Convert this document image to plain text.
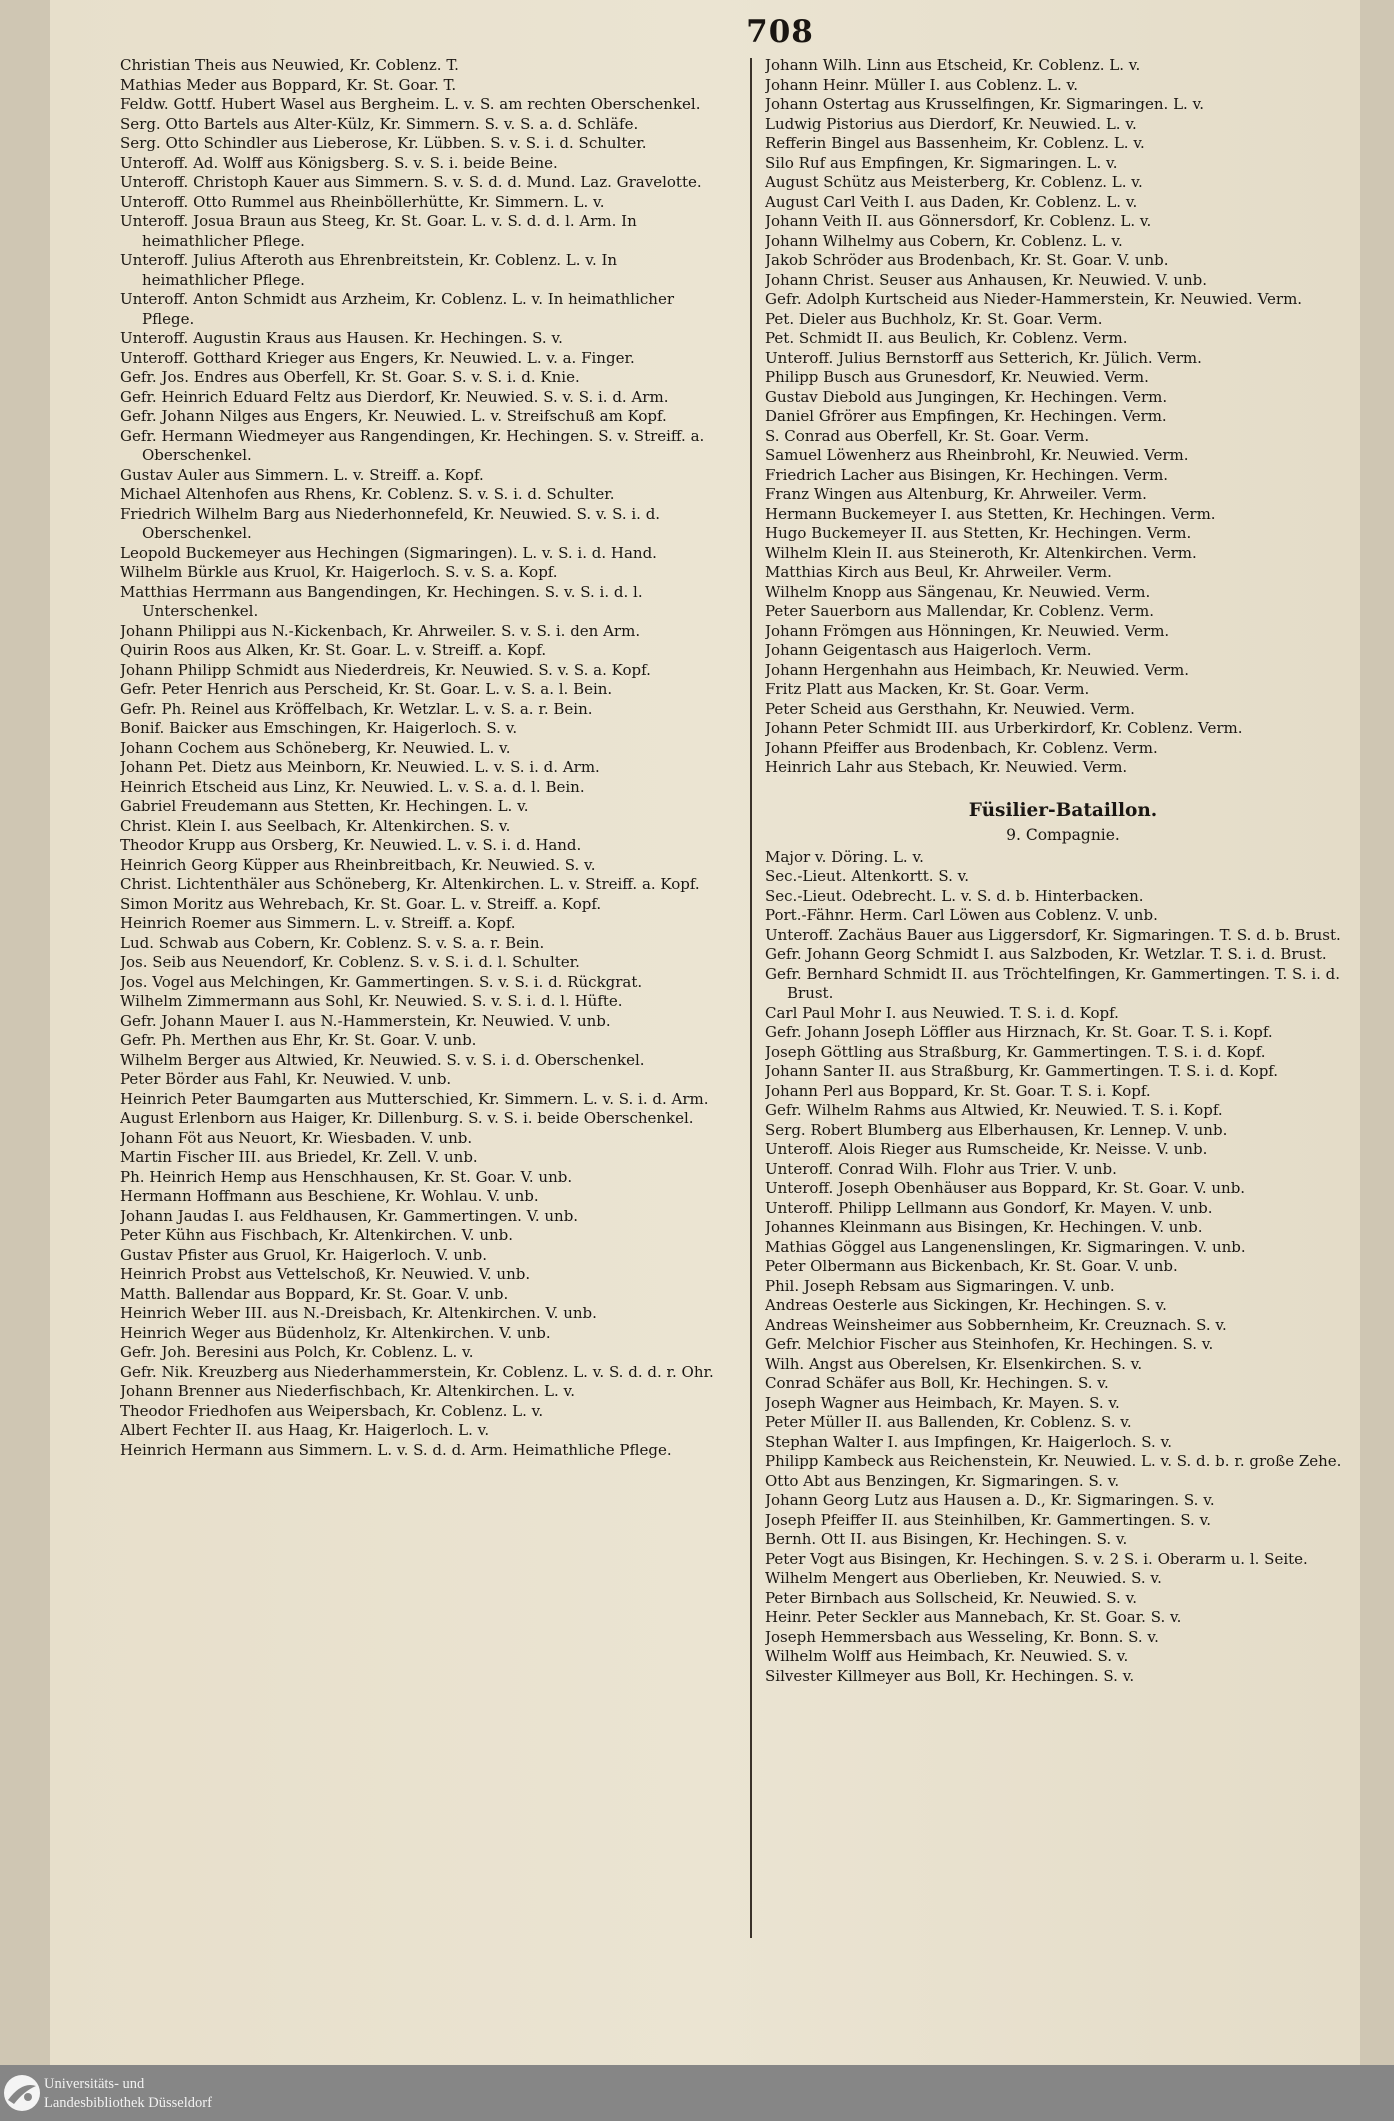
708
Christian Theis aus Neuwied, Kr. Coblenz. T.
Mathias Meder aus Boppard, Kr. St. Goar. T.
Feldw. Gottf. Hubert Wasel aus Bergheim. L. v. S. am rechten Oberschenkel.
Serg. Otto Bartels aus Alter-Külz, Kr. Simmern. S. v. S. a. d. Schläfe.
Serg. Otto Schindler aus Lieberose, Kr. Lübben. S. v. S. i. d. Schulter.
Unteroff. Ad. Wolff aus Königsberg. S. v. S. i. beide Beine.
Unteroff. Christoph Kauer aus Simmern. S. v. S. d. d. Mund. Laz. Gravelotte.
Unteroff. Otto Rummel aus Rheinböllerhütte, Kr. Simmern. L. v.
Unteroff. Josua Braun aus Steeg, Kr. St. Goar. L. v. S. d. d. l. Arm. In heimathlicher Pflege.
Unteroff. Julius Afteroth aus Ehrenbreitstein, Kr. Coblenz. L. v. In heimathlicher Pflege.
Unteroff. Anton Schmidt aus Arzheim, Kr. Coblenz. L. v. In heimathlicher Pflege.
Unteroff. Augustin Kraus aus Hausen. Kr. Hechingen. S. v.
Unteroff. Gotthard Krieger aus Engers, Kr. Neuwied. L. v. a. Finger.
Gefr. Jos. Endres aus Oberfell, Kr. St. Goar. S. v. S. i. d. Knie.
Gefr. Heinrich Eduard Feltz aus Dierdorf, Kr. Neuwied. S. v. S. i. d. Arm.
Gefr. Johann Nilges aus Engers, Kr. Neuwied. L. v. Streifschuß am Kopf.
Gefr. Hermann Wiedmeyer aus Rangendingen, Kr. Hechingen. S. v. Streiff. a. Oberschenkel.
Gustav Auler aus Simmern. L. v. Streiff. a. Kopf.
Michael Altenhofen aus Rhens, Kr. Coblenz. S. v. S. i. d. Schulter.
Friedrich Wilhelm Barg aus Niederhonnefeld, Kr. Neuwied. S. v. S. i. d. Oberschenkel.
Leopold Buckemeyer aus Hechingen (Sigmaringen). L. v. S. i. d. Hand.
Wilhelm Bürkle aus Kruol, Kr. Haigerloch. S. v. S. a. Kopf.
Matthias Herrmann aus Bangendingen, Kr. Hechingen. S. v. S. i. d. l. Unterschenkel.
Johann Philippi aus N.-Kickenbach, Kr. Ahrweiler. S. v. S. i. den Arm.
Quirin Roos aus Alken, Kr. St. Goar. L. v. Streiff. a. Kopf.
Johann Philipp Schmidt aus Niederdreis, Kr. Neuwied. S. v. S. a. Kopf.
Gefr. Peter Henrich aus Perscheid, Kr. St. Goar. L. v. S. a. l. Bein.
Gefr. Ph. Reinel aus Kröffelbach, Kr. Wetzlar. L. v. S. a. r. Bein.
Bonif. Baicker aus Emschingen, Kr. Haigerloch. S. v.
Johann Cochem aus Schöneberg, Kr. Neuwied. L. v.
Johann Pet. Dietz aus Meinborn, Kr. Neuwied. L. v. S. i. d. Arm.
Heinrich Etscheid aus Linz, Kr. Neuwied. L. v. S. a. d. l. Bein.
Gabriel Freudemann aus Stetten, Kr. Hechingen. L. v.
Christ. Klein I. aus Seelbach, Kr. Altenkirchen. S. v.
Theodor Krupp aus Orsberg, Kr. Neuwied. L. v. S. i. d. Hand.
Heinrich Georg Küpper aus Rheinbreitbach, Kr. Neuwied. S. v.
Christ. Lichtenthäler aus Schöneberg, Kr. Altenkirchen. L. v. Streiff. a. Kopf.
Simon Moritz aus Wehrebach, Kr. St. Goar. L. v. Streiff. a. Kopf.
Heinrich Roemer aus Simmern. L. v. Streiff. a. Kopf.
Lud. Schwab aus Cobern, Kr. Coblenz. S. v. S. a. r. Bein.
Jos. Seib aus Neuendorf, Kr. Coblenz. S. v. S. i. d. l. Schulter.
Jos. Vogel aus Melchingen, Kr. Gammertingen. S. v. S. i. d. Rückgrat.
Wilhelm Zimmermann aus Sohl, Kr. Neuwied. S. v. S. i. d. l. Hüfte.
Gefr. Johann Mauer I. aus N.-Hammerstein, Kr. Neuwied. V. unb.
Gefr. Ph. Merthen aus Ehr, Kr. St. Goar. V. unb.
Wilhelm Berger aus Altwied, Kr. Neuwied. S. v. S. i. d. Oberschenkel.
Peter Börder aus Fahl, Kr. Neuwied. V. unb.
Heinrich Peter Baumgarten aus Mutterschied, Kr. Simmern. L. v. S. i. d. Arm.
August Erlenborn aus Haiger, Kr. Dillenburg. S. v. S. i. beide Oberschenkel.
Johann Föt aus Neuort, Kr. Wiesbaden. V. unb.
Martin Fischer III. aus Briedel, Kr. Zell. V. unb.
Ph. Heinrich Hemp aus Henschhausen, Kr. St. Goar. V. unb.
Hermann Hoffmann aus Beschiene, Kr. Wohlau. V. unb.
Johann Jaudas I. aus Feldhausen, Kr. Gammertingen. V. unb.
Peter Kühn aus Fischbach, Kr. Altenkirchen. V. unb.
Gustav Pfister aus Gruol, Kr. Haigerloch. V. unb.
Heinrich Probst aus Vettelschoß, Kr. Neuwied. V. unb.
Matth. Ballendar aus Boppard, Kr. St. Goar. V. unb.
Heinrich Weber III. aus N.-Dreisbach, Kr. Altenkirchen. V. unb.
Heinrich Weger aus Büdenholz, Kr. Altenkirchen. V. unb.
Gefr. Joh. Beresini aus Polch, Kr. Coblenz. L. v.
Gefr. Nik. Kreuzberg aus Niederhammerstein, Kr. Coblenz. L. v. S. d. d. r. Ohr.
Johann Brenner aus Niederfischbach, Kr. Altenkirchen. L. v.
Theodor Friedhofen aus Weipersbach, Kr. Coblenz. L. v.
Albert Fechter II. aus Haag, Kr. Haigerloch. L. v.
Heinrich Hermann aus Simmern. L. v. S. d. d. Arm. Heimathliche Pflege.
Johann Wilh. Linn aus Etscheid, Kr. Coblenz. L. v.
Johann Heinr. Müller I. aus Coblenz. L. v.
Johann Ostertag aus Krusselfingen, Kr. Sigmaringen. L. v.
Ludwig Pistorius aus Dierdorf, Kr. Neuwied. L. v.
Refferin Bingel aus Bassenheim, Kr. Coblenz. L. v.
Silo Ruf aus Empfingen, Kr. Sigmaringen. L. v.
August Schütz aus Meisterberg, Kr. Coblenz. L. v.
August Carl Veith I. aus Daden, Kr. Coblenz. L. v.
Johann Veith II. aus Gönnersdorf, Kr. Coblenz. L. v.
Johann Wilhelmy aus Cobern, Kr. Coblenz. L. v.
Jakob Schröder aus Brodenbach, Kr. St. Goar. V. unb.
Johann Christ. Seuser aus Anhausen, Kr. Neuwied. V. unb.
Gefr. Adolph Kurtscheid aus Nieder-Hammerstein, Kr. Neuwied. Verm.
Pet. Dieler aus Buchholz, Kr. St. Goar. Verm.
Pet. Schmidt II. aus Beulich, Kr. Coblenz. Verm.
Unteroff. Julius Bernstorff aus Setterich, Kr. Jülich. Verm.
Philipp Busch aus Grunesdorf, Kr. Neuwied. Verm.
Gustav Diebold aus Jungingen, Kr. Hechingen. Verm.
Daniel Gfrörer aus Empfingen, Kr. Hechingen. Verm.
S. Conrad aus Oberfell, Kr. St. Goar. Verm.
Samuel Löwenherz aus Rheinbrohl, Kr. Neuwied. Verm.
Friedrich Lacher aus Bisingen, Kr. Hechingen. Verm.
Franz Wingen aus Altenburg, Kr. Ahrweiler. Verm.
Hermann Buckemeyer I. aus Stetten, Kr. Hechingen. Verm.
Hugo Buckemeyer II. aus Stetten, Kr. Hechingen. Verm.
Wilhelm Klein II. aus Steineroth, Kr. Altenkirchen. Verm.
Matthias Kirch aus Beul, Kr. Ahrweiler. Verm.
Wilhelm Knopp aus Sängenau, Kr. Neuwied. Verm.
Peter Sauerborn aus Mallendar, Kr. Coblenz. Verm.
Johann Frömgen aus Hönningen, Kr. Neuwied. Verm.
Johann Geigentasch aus Haigerloch. Verm.
Johann Hergenhahn aus Heimbach, Kr. Neuwied. Verm.
Fritz Platt aus Macken, Kr. St. Goar. Verm.
Peter Scheid aus Gersthahn, Kr. Neuwied. Verm.
Johann Peter Schmidt III. aus Urberkirdorf, Kr. Coblenz. Verm.
Johann Pfeiffer aus Brodenbach, Kr. Coblenz. Verm.
Heinrich Lahr aus Stebach, Kr. Neuwied. Verm.
Füsilier-Bataillon.
9. Compagnie.
Major v. Döring. L. v.
Sec.-Lieut. Altenkortt. S. v.
Sec.-Lieut. Odebrecht. L. v. S. d. b. Hinterbacken.
Port.-Fähnr. Herm. Carl Löwen aus Coblenz. V. unb.
Unteroff. Zachäus Bauer aus Liggersdorf, Kr. Sigmaringen. T. S. d. b. Brust.
Gefr. Johann Georg Schmidt I. aus Salzboden, Kr. Wetzlar. T. S. i. d. Brust.
Gefr. Bernhard Schmidt II. aus Tröchtelfingen, Kr. Gammertingen. T. S. i. d. Brust.
Carl Paul Mohr I. aus Neuwied. T. S. i. d. Kopf.
Gefr. Johann Joseph Löffler aus Hirznach, Kr. St. Goar. T. S. i. Kopf.
Joseph Göttling aus Straßburg, Kr. Gammertingen. T. S. i. d. Kopf.
Johann Santer II. aus Straßburg, Kr. Gammertingen. T. S. i. d. Kopf.
Johann Perl aus Boppard, Kr. St. Goar. T. S. i. Kopf.
Gefr. Wilhelm Rahms aus Altwied, Kr. Neuwied. T. S. i. Kopf.
Serg. Robert Blumberg aus Elberhausen, Kr. Lennep. V. unb.
Unteroff. Alois Rieger aus Rumscheide, Kr. Neisse. V. unb.
Unteroff. Conrad Wilh. Flohr aus Trier. V. unb.
Unteroff. Joseph Obenhäuser aus Boppard, Kr. St. Goar. V. unb.
Unteroff. Philipp Lellmann aus Gondorf, Kr. Mayen. V. unb.
Johannes Kleinmann aus Bisingen, Kr. Hechingen. V. unb.
Mathias Göggel aus Langenenslingen, Kr. Sigmaringen. V. unb.
Peter Olbermann aus Bickenbach, Kr. St. Goar. V. unb.
Phil. Joseph Rebsam aus Sigmaringen. V. unb.
Andreas Oesterle aus Sickingen, Kr. Hechingen. S. v.
Andreas Weinsheimer aus Sobbernheim, Kr. Creuznach. S. v.
Gefr. Melchior Fischer aus Steinhofen, Kr. Hechingen. S. v.
Wilh. Angst aus Oberelsen, Kr. Elsenkirchen. S. v.
Conrad Schäfer aus Boll, Kr. Hechingen. S. v.
Joseph Wagner aus Heimbach, Kr. Mayen. S. v.
Peter Müller II. aus Ballenden, Kr. Coblenz. S. v.
Stephan Walter I. aus Impfingen, Kr. Haigerloch. S. v.
Philipp Kambeck aus Reichenstein, Kr. Neuwied. L. v. S. d. b. r. große Zehe.
Otto Abt aus Benzingen, Kr. Sigmaringen. S. v.
Johann Georg Lutz aus Hausen a. D., Kr. Sigmaringen. S. v.
Joseph Pfeiffer II. aus Steinhilben, Kr. Gammertingen. S. v.
Bernh. Ott II. aus Bisingen, Kr. Hechingen. S. v.
Peter Vogt aus Bisingen, Kr. Hechingen. S. v. 2 S. i. Oberarm u. l. Seite.
Wilhelm Mengert aus Oberlieben, Kr. Neuwied. S. v.
Peter Birnbach aus Sollscheid, Kr. Neuwied. S. v.
Heinr. Peter Seckler aus Mannebach, Kr. St. Goar. S. v.
Joseph Hemmersbach aus Wesseling, Kr. Bonn. S. v.
Wilhelm Wolff aus Heimbach, Kr. Neuwied. S. v.
Silvester Killmeyer aus Boll, Kr. Hechingen. S. v.
Universitäts- und
Landesbibliothek Düsseldorf
